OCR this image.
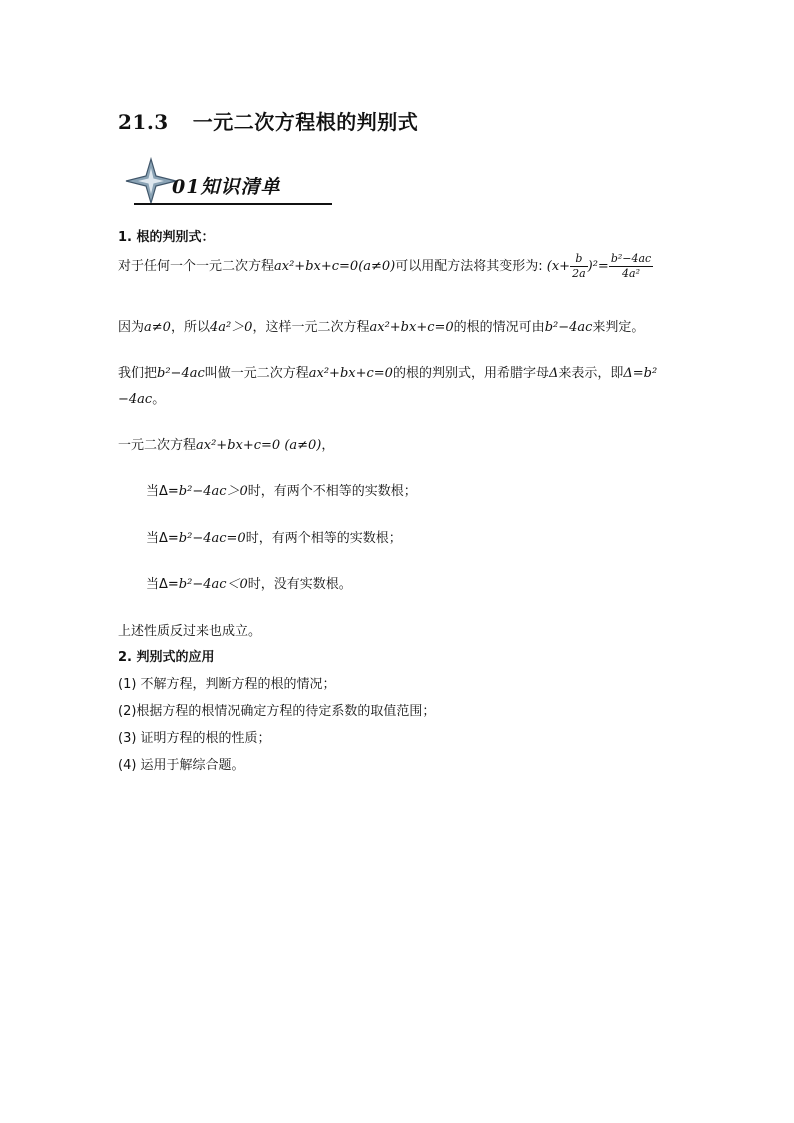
21.3 一元二次方程根的判别式
01知识清单
1. 根的判别式：
对于任何一个一元二次方程ax²+bx+c=0(a≠0)可以用配方法将其变形为: $(x+ \frac{b}{2a} )^2= \frac{\text{b²−4ac}}{\text{4a²}}$
因为a≠0，所以4a²＞0，这样一元二次方程ax²+bx+c=0的根的情况可由b²−4ac来判定。
我们把b²−4ac叫做一元二次方程ax²+bx+c=0的根的判别式，用希腊字母Δ来表示，即Δ=b²
−4ac。
一元二次方程ax²+bx+c=0 (a≠0)，
当Δ=b²−4ac＞0时，有两个不相等的实数根；
当Δ=b²−4ac=0时，有两个相等的实数根；
当Δ=b²−4ac＜0时，没有实数根。
上述性质反过来也成立。
2. 判别式的应用
(1) 不解方程，判断方程的根的情况；
(2)根据方程的根情况确定方程的待定系数的取值范围；
(3) 证明方程的根的性质；
(4) 运用于解综合题。
